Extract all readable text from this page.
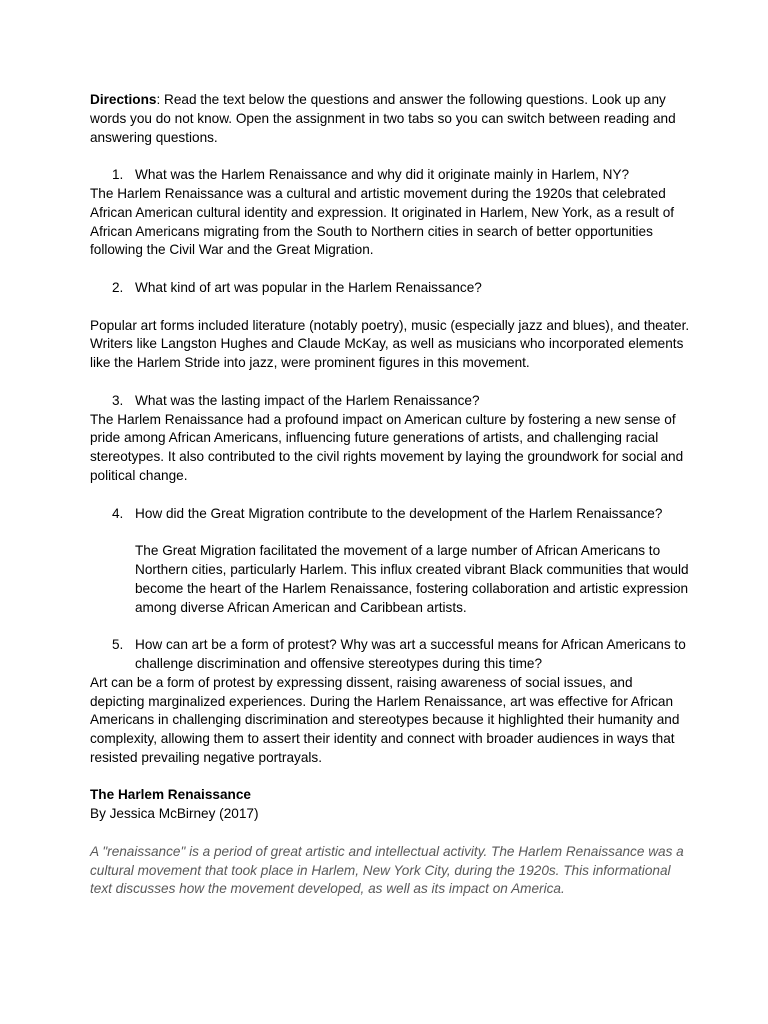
Directions: Read the text below the questions and answer the following questions. Look up any words you do not know. Open the assignment in two tabs so you can switch between reading and answering questions.

1. What was the Harlem Renaissance and why did it originate mainly in Harlem, NY?

The Harlem Renaissance was a cultural and artistic movement during the 1920s that celebrated African American cultural identity and expression. It originated in Harlem, New York, as a result of African Americans migrating from the South to Northern cities in search of better opportunities following the Civil War and the Great Migration.

2. What kind of art was popular in the Harlem Renaissance?

Popular art forms included literature (notably poetry), music (especially jazz and blues), and theater. Writers like Langston Hughes and Claude McKay, as well as musicians who incorporated elements like the Harlem Stride into jazz, were prominent figures in this movement.

3. What was the lasting impact of the Harlem Renaissance?

The Harlem Renaissance had a profound impact on American culture by fostering a new sense of pride among African Americans, influencing future generations of artists, and challenging racial stereotypes. It also contributed to the civil rights movement by laying the groundwork for social and political change.

4. How did the Great Migration contribute to the development of the Harlem Renaissance?

The Great Migration facilitated the movement of a large number of African Americans to Northern cities, particularly Harlem. This influx created vibrant Black communities that would become the heart of the Harlem Renaissance, fostering collaboration and artistic expression among diverse African American and Caribbean artists.

5. How can art be a form of protest? Why was art a successful means for African Americans to challenge discrimination and offensive stereotypes during this time?

Art can be a form of protest by expressing dissent, raising awareness of social issues, and depicting marginalized experiences. During the Harlem Renaissance, art was effective for African Americans in challenging discrimination and stereotypes because it highlighted their humanity and complexity, allowing them to assert their identity and connect with broader audiences in ways that resisted prevailing negative portrayals.

The Harlem Renaissance

By Jessica McBirney (2017)

A "renaissance" is a period of great artistic and intellectual activity. The Harlem Renaissance was a cultural movement that took place in Harlem, New York City, during the 1920s. This informational text discusses how the movement developed, as well as its impact on America.
